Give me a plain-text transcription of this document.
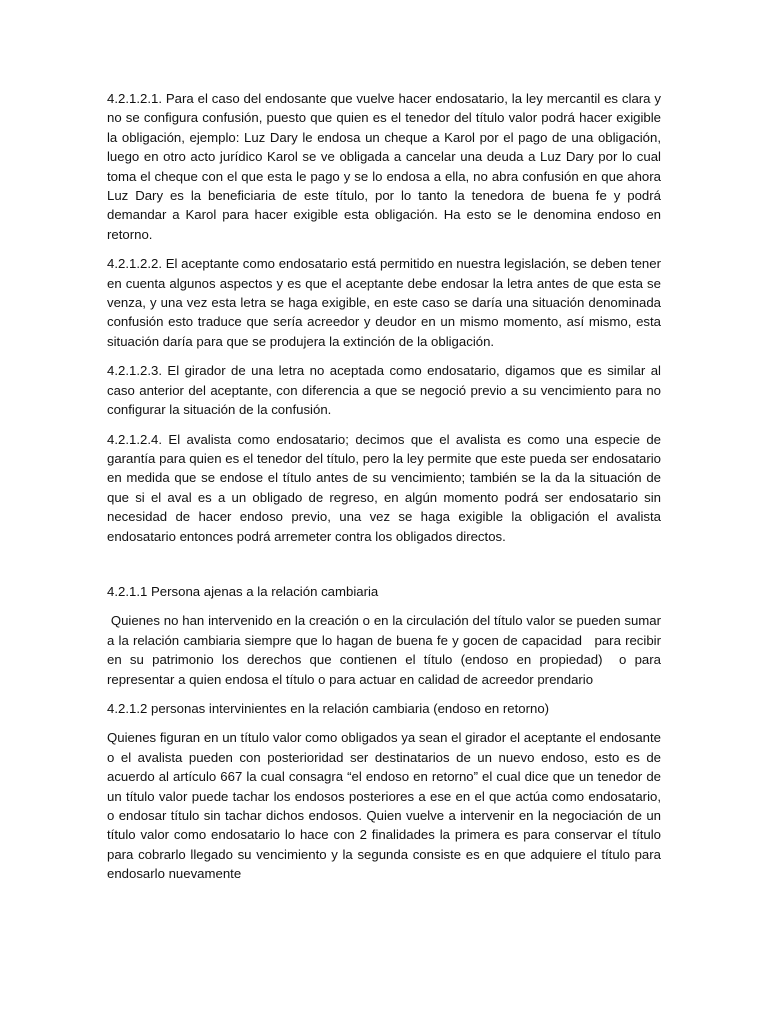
4.2.1.2.1. Para el caso del endosante que vuelve hacer endosatario, la ley mercantil es clara y no se configura confusión, puesto que quien es el tenedor del título valor podrá hacer exigible la obligación, ejemplo: Luz Dary le endosa un cheque a Karol por el pago de una obligación, luego en otro acto jurídico Karol se ve obligada a cancelar una deuda a Luz Dary por lo cual toma el cheque con el que esta le pago y se lo endosa a ella, no abra confusión en que ahora Luz Dary es la beneficiaria de este título, por lo tanto la tenedora de buena fe y podrá demandar a Karol para hacer exigible esta obligación. Ha esto se le denomina endoso en retorno.

4.2.1.2.2. El aceptante como endosatario está permitido en nuestra legislación, se deben tener en cuenta algunos aspectos y es que el aceptante debe endosar la letra antes de que esta se venza, y una vez esta letra se haga exigible, en este caso se daría una situación denominada confusión esto traduce que sería acreedor y deudor en un mismo momento, así mismo, esta situación daría para que se produjera la extinción de la obligación.

4.2.1.2.3. El girador de una letra no aceptada como endosatario, digamos que es similar al caso anterior del aceptante, con diferencia a que se negoció previo a su vencimiento para no configurar la situación de la confusión.

4.2.1.2.4. El avalista como endosatario; decimos que el avalista es como una especie de garantía para quien es el tenedor del título, pero la ley permite que este pueda ser endosatario en medida que se endose el título antes de su vencimiento; también se la da la situación de que si el aval es a un obligado de regreso, en algún momento podrá ser endosatario sin necesidad de hacer endoso previo, una vez se haga exigible la obligación el avalista endosatario entonces podrá arremeter contra los obligados directos.

4.2.1.1 Persona ajenas a la relación cambiaria

Quienes no han intervenido en la creación o en la circulación del título valor se pueden sumar a la relación cambiaria siempre que lo hagan de buena fe y gocen de capacidad   para recibir en su patrimonio los derechos que contienen el título (endoso en propiedad)  o para representar a quien endosa el título o para actuar en calidad de acreedor prendario

4.2.1.2 personas intervinientes en la relación cambiaria (endoso en retorno)

Quienes figuran en un título valor como obligados ya sean el girador el aceptante el endosante o el avalista pueden con posterioridad ser destinatarios de un nuevo endoso, esto es de acuerdo al artículo 667 la cual consagra “el endoso en retorno” el cual dice que un tenedor de un título valor puede tachar los endosos posteriores a ese en el que actúa como endosatario, o endosar título sin tachar dichos endosos. Quien vuelve a intervenir en la negociación de un título valor como endosatario lo hace con 2 finalidades la primera es para conservar el título para cobrarlo llegado su vencimiento y la segunda consiste es en que adquiere el título para endosarlo nuevamente
